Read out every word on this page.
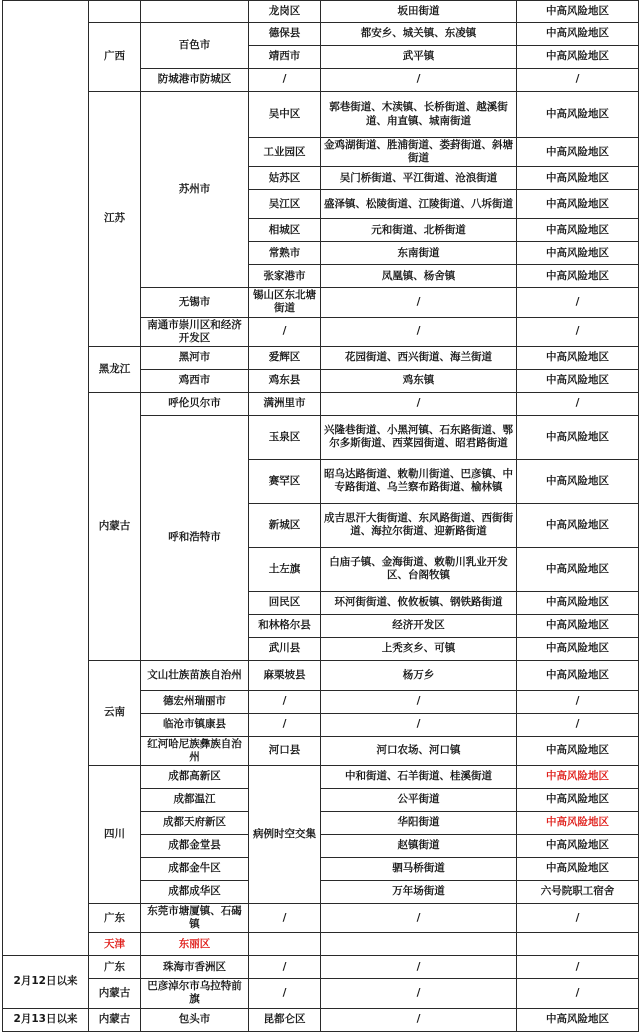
			龙岗区	坂田街道	中高风险地区
	广西	百色市	德保县	都安乡、城关镇、东凌镇	中高风险地区
			靖西市	武平镇	中高风险地区
		防城港市防城区	/	/	/
	江苏	苏州市	吴中区	郭巷街道、木渎镇、长桥街道、越溪街道、甪直镇、城南街道	中高风险地区
			工业园区	金鸡湖街道、胜浦街道、娄葑街道、斜塘街道	中高风险地区
			姑苏区	吴门桥街道、平江街道、沧浪街道	中高风险地区
			吴江区	盛泽镇、松陵街道、江陵街道、八坼街道	中高风险地区
			相城区	元和街道、北桥街道	中高风险地区
			常熟市	东南街道	中高风险地区
			张家港市	凤凰镇、杨舍镇	中高风险地区
		无锡市	锡山区东北塘街道	/	/
		南通市崇川区和经济开发区	/	/	/
	黑龙江	黑河市	爱辉区	花园街道、西兴街道、海兰街道	中高风险地区
		鸡西市	鸡东县	鸡东镇	中高风险地区
	内蒙古	呼伦贝尔市	满洲里市	/	/
		呼和浩特市	玉泉区	兴隆巷街道、小黑河镇、石东路街道、鄂尔多斯街道、西菜园街道、昭君路街道	中高风险地区
			赛罕区	昭乌达路街道、敕勒川街道、巴彦镇、中专路街道、乌兰察布路街道、榆林镇	中高风险地区
			新城区	成吉思汗大街街道、东风路街道、西街街道、海拉尔街道、迎新路街道	中高风险地区
			土左旗	白庙子镇、金海街道、敕勒川乳业开发区、台阁牧镇	中高风险地区
			回民区	环河街街道、攸攸板镇、钢铁路街道	中高风险地区
			和林格尔县	经济开发区	中高风险地区
			武川县	上秃亥乡、可镇	中高风险地区
	云南	文山壮族苗族自治州	麻栗坡县	杨万乡	中高风险地区
		德宏州瑞丽市	/	/	/
		临沧市镇康县	/	/	/
		红河哈尼族彝族自治州	河口县	河口农场、河口镇	中高风险地区
	四川	成都高新区	病例时空交集	中和街道、石羊街道、桂溪街道	中高风险地区
		成都温江		公平街道	中高风险地区
		成都天府新区		华阳街道	中高风险地区
		成都金堂县		赵镇街道	中高风险地区
		成都金牛区		驷马桥街道	中高风险地区
		成都成华区		万年场街道	六号院职工宿舍
	广东	东莞市塘厦镇、石碣镇	/	/	/
	天津	东丽区			
2月12日以来	广东	珠海市香洲区	/	/	/
	内蒙古	巴彦淖尔市乌拉特前旗	/	/	/
2月13日以来	内蒙古	包头市	昆都仑区	/	中高风险地区
